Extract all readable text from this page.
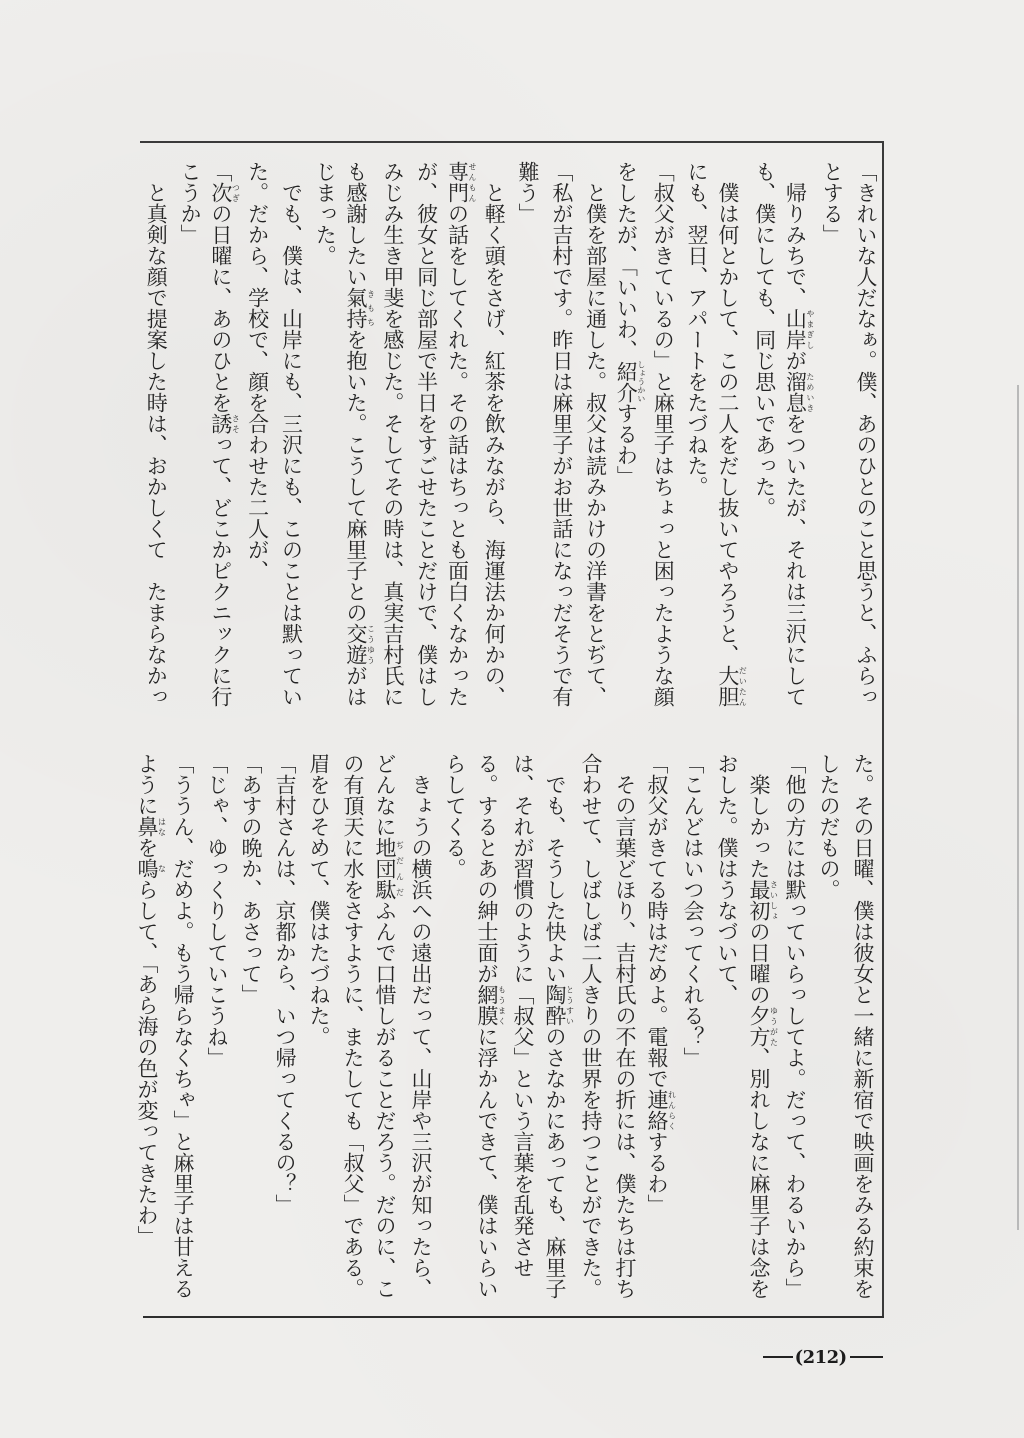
「きれいな人だなぁ。僕、あのひとのこと思うと、ふらっ
とする」
　帰りみちで、山岸やまぎしが溜息ためいきをついたが、それは三沢にして
も、僕にしても、同じ思いであった。
　僕は何とかして、この二人をだし抜いてやろうと、大胆だいたん
にも、翌日、アパートをたづねた。
「叔父がきているの」と麻里子はちょっと困ったような顔
をしたが、「いいわ、紹介しょうかいするわ」
　と僕を部屋に通した。叔父は読みかけの洋書をとぢて、
「私が吉村です。昨日は麻里子がお世話になっだそうで有
難う」
　と軽く頭をさげ、紅茶を飲みながら、海運法か何かの、
専門せんもんの話をしてくれた。その話はちっとも面白くなかった
が、彼女と同じ部屋で半日をすごせたことだけで、僕はし
みじみ生き甲斐を感じた。そしてその時は、真実吉村氏に
も感謝したい氣持きもちを抱いた。こうして麻里子との交遊こうゆうがは
じまった。
　でも、僕は、山岸にも、三沢にも、このことは默ってい
た。だから、学校で、顔を合わせた二人が、
「次つぎの日曜に、あのひとを誘さそって、どこかピクニックに行
こうか」
　と真剣な顔で提案した時は、おかしくて　たまらなかっ
た。その日曜、僕は彼女と一緒に新宿で映画をみる約束を
したのだもの。
「他の方には默っていらっしてよ。だって、わるいから」
　楽しかった最初さいしょの日曜の夕方ゆうがた、別れしなに麻里子は念を
おした。僕はうなづいて、
「こんどはいつ会ってくれる？」
「叔父がきてる時はだめよ。電報で連絡れんらくするわ」
　その言葉どほり、吉村氏の不在の折には、僕たちは打ち
合わせて、しばしば二人きりの世界を持つことができた。
　でも、そうした快よい陶酔とうすいのさなかにあっても、麻里子
は、それが習慣のように「叔父」という言葉を乱発させ
る。するとあの紳士面が網膜もうまくに浮かんできて、僕はいらい
らしてくる。
　きょうの横浜への遠出だって、山岸や三沢が知ったら、
どんなに地団駄ぢだんだふんで口惜しがることだろう。だのに、こ
の有頂天に水をさすように、またしても「叔父」である。
眉をひそめて、僕はたづねた。
「吉村さんは、京都から、いつ帰ってくるの？」
「あすの晩か、あさって」
「じゃ、ゆっくりしていこうね」
「ううん、だめよ。もう帰らなくちゃ」と麻里子は甘える
ように鼻はなを鳴ならして、「あら海の色が変ってきたわ」
(212)
